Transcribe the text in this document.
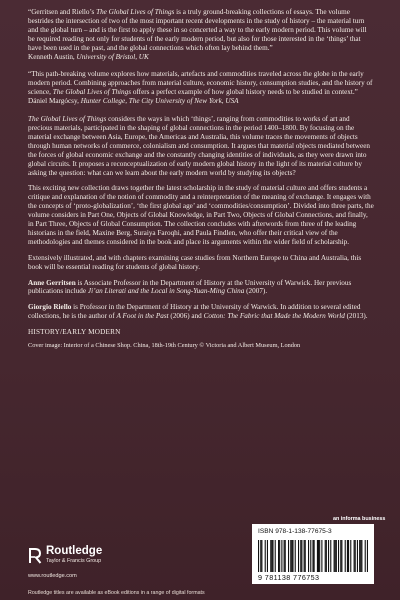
“Gerritsen and Riello’s The Global Lives of Things is a truly ground-breaking collections of essays. The volume bestrides the intersection of two of the most important recent developments in the study of history – the material turn and the global turn – and is the first to apply these in so concerted a way to the early modern period. This volume will be required reading not only for students of the early modern period, but also for those interested in the ‘things’ that have been used in the past, and the global connections which often lay behind them.”
Kenneth Austin, University of Bristol, UK

“This path-breaking volume explores how materials, artefacts and commodities traveled across the globe in the early modern period. Combining approaches from material culture, economic history, consumption studies, and the history of science, The Global Lives of Things offers a perfect example of how global history needs to be studied in context.”
Dániel Margócsy, Hunter College, The City University of New York, USA

The Global Lives of Things considers the ways in which ‘things’, ranging from commodities to works of art and precious materials, participated in the shaping of global connections in the period 1400–1800. By focusing on the material exchange between Asia, Europe, the Americas and Australia, this volume traces the movements of objects through human networks of commerce, colonialism and consumption. It argues that material objects mediated between the forces of global economic exchange and the constantly changing identities of individuals, as they were drawn into global circuits. It proposes a reconceptualization of early modern global history in the light of its material culture by asking the question: what can we learn about the early modern world by studying its objects?

This exciting new collection draws together the latest scholarship in the study of material culture and offers students a critique and explanation of the notion of commodity and a reinterpretation of the meaning of exchange. It engages with the concepts of ‘proto-globalization’, ‘the first global age’ and ‘commodities/consumption’. Divided into three parts, the volume considers in Part One, Objects of Global Knowledge, in Part Two, Objects of Global Connections, and finally, in Part Three, Objects of Global Consumption. The collection concludes with afterwords from three of the leading historians in the field, Maxine Berg, Suraiya Faroqhi, and Paula Findlen, who offer their critical view of the methodologies and themes considered in the book and place its arguments within the wider field of scholarship.

Extensively illustrated, and with chapters examining case studies from Northern Europe to China and Australia, this book will be essential reading for students of global history.

Anne Gerritsen is Associate Professor in the Department of History at the University of Warwick. Her previous publications include Ji’an Literati and the Local in Song-Yuan-Ming China (2007).

Giorgio Riello is Professor in the Department of History at the University of Warwick. In addition to several edited collections, he is the author of A Foot in the Past (2006) and Cotton: The Fabric that Made the Modern World (2013).

HISTORY/EARLY MODERN

Cover image: Interior of a Chinese Shop. China, 18th-19th Century © Victoria and Albert Museum, London

Routledge
Taylor & Francis Group
www.routledge.com
Routledge titles are available as eBook editions in a range of digital formats
an informa business
ISBN 978-1-138-77675-3
9 781138 776753
